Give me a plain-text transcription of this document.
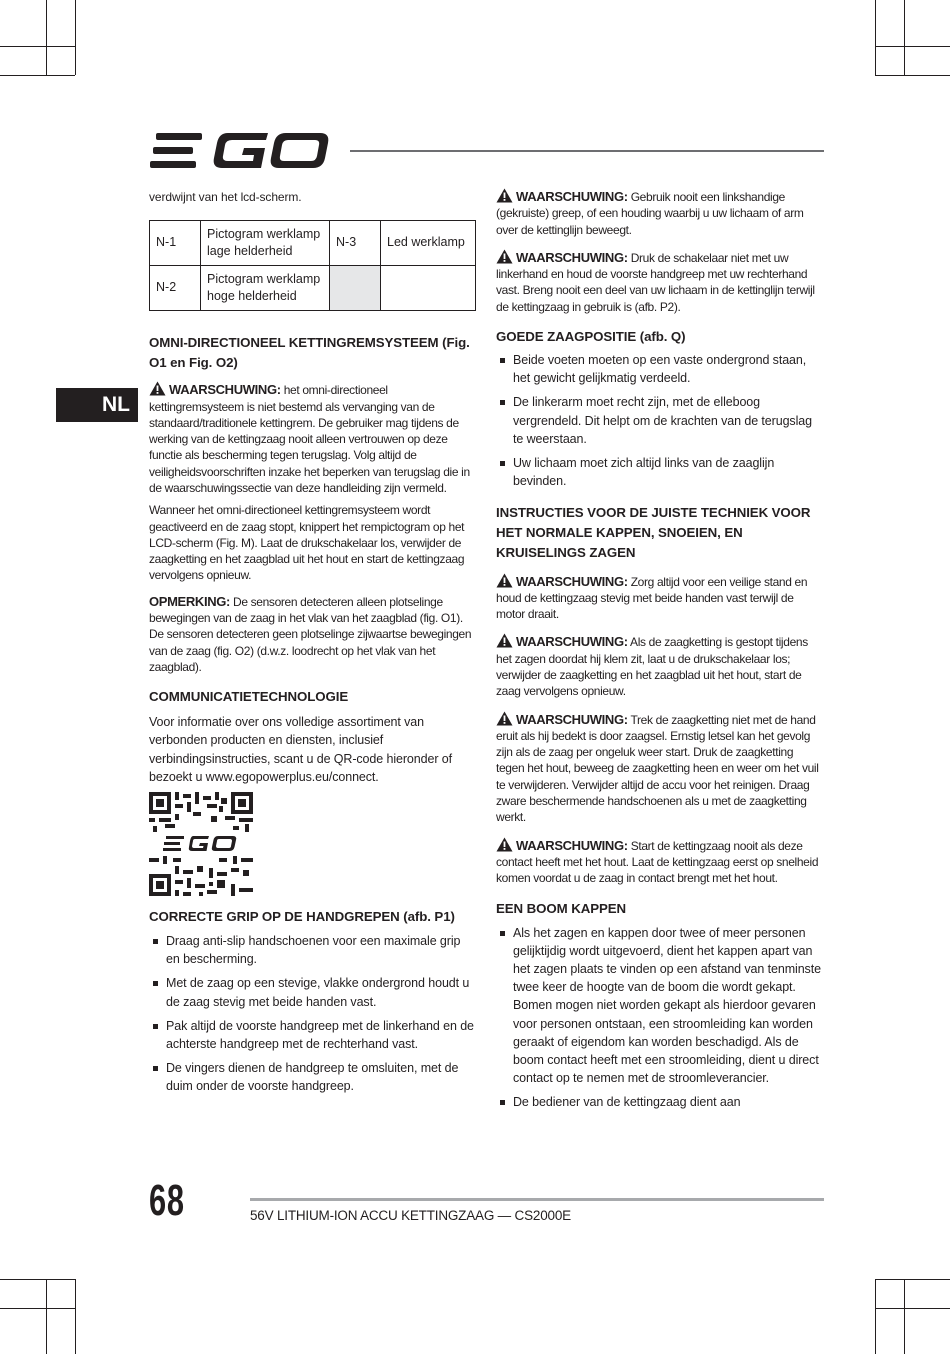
NL

verdwijnt van het lcd-scherm.

N-1	Pictogram werklamp lage helderheid	N-3	Led werklamp
N-2	Pictogram werklamp hoge helderheid		
OMNI-DIRECTIONEEL KETTINGREMSYSTEEM (Fig. O1 en Fig. O2)

WAARSCHUWING: het omni-directioneel kettingremsysteem is niet bestemd als vervanging van de standaard/traditionele kettingrem. De gebruiker mag tijdens de werking van de kettingzaag nooit alleen vertrouwen op deze functie als bescherming tegen terugslag. Volg altijd de veiligheidsvoorschriften inzake het beperken van terugslag die in de waarschuwingssectie van deze handleiding zijn vermeld.

Wanneer het omni-directioneel kettingremsysteem wordt geactiveerd en de zaag stopt, knippert het rempictogram op het LCD-scherm (Fig. M). Laat de drukschakelaar los, verwijder de zaagketting en het zaagblad uit het hout en start de kettingzaag vervolgens opnieuw.

OPMERKING: De sensoren detecteren alleen plotselinge bewegingen van de zaag in het vlak van het zaagblad (fig. O1). De sensoren detecteren geen plotselinge zijwaartse bewegingen van de zaag (fig. O2) (d.w.z. loodrecht op het vlak van het zaagblad).

COMMUNICATIETECHNOLOGIE

Voor informatie over ons volledige assortiment van verbonden producten en diensten, inclusief verbindingsinstructies, scant u de QR-code hieronder of bezoekt u www.egopowerplus.eu/connect.

CORRECTE GRIP OP DE HANDGREPEN (afb. P1)
Draag anti-slip handschoenen voor een maximale grip en bescherming.
Met de zaag op een stevige, vlakke ondergrond houdt u de zaag stevig met beide handen vast.
Pak altijd de voorste handgreep met de linkerhand en de achterste handgreep met de rechterhand vast.
De vingers dienen de handgreep te omsluiten, met de duim onder de voorste handgreep.

WAARSCHUWING: Gebruik nooit een linkshandige (gekruiste) greep, of een houding waarbij u uw lichaam of arm over de kettinglijn beweegt.

WAARSCHUWING: Druk de schakelaar niet met uw linkerhand en houd de voorste handgreep met uw rechterhand vast. Breng nooit een deel van uw lichaam in de kettinglijn terwijl de kettingzaag in gebruik is (afb. P2).

GOEDE ZAAGPOSITIE (afb. Q)
Beide voeten moeten op een vaste ondergrond staan, het gewicht gelijkmatig verdeeld.
De linkerarm moet recht zijn, met de elleboog vergrendeld. Dit helpt om de krachten van de terugslag te weerstaan.
Uw lichaam moet zich altijd links van de zaaglijn bevinden.
INSTRUCTIES VOOR DE JUISTE TECHNIEK VOOR HET NORMALE KAPPEN, SNOEIEN, EN KRUISELINGS ZAGEN

WAARSCHUWING: Zorg altijd voor een veilige stand en houd de kettingzaag stevig met beide handen vast terwijl de motor draait.

WAARSCHUWING: Als de zaagketting is gestopt tijdens het zagen doordat hij klem zit, laat u de drukschakelaar los; verwijder de zaagketting en het zaagblad uit het hout, start de zaag vervolgens opnieuw.

WAARSCHUWING: Trek de zaagketting niet met de hand eruit als hij bedekt is door zaagsel. Ernstig letsel kan het gevolg zijn als de zaag per ongeluk weer start. Druk de zaagketting tegen het hout, beweeg de zaagketting heen en weer om het vuil te verwijderen. Verwijder altijd de accu voor het reinigen. Draag zware beschermende handschoenen als u met de zaagketting werkt.

WAARSCHUWING: Start de kettingzaag nooit als deze contact heeft met het hout. Laat de kettingzaag eerst op snelheid komen voordat u de zaag in contact brengt met het hout.

EEN BOOM KAPPEN
Als het zagen en kappen door twee of meer personen gelijktijdig wordt uitgevoerd, dient het kappen apart van het zagen plaats te vinden op een afstand van tenminste twee keer de hoogte van de boom die wordt gekapt. Bomen mogen niet worden gekapt als hierdoor gevaren voor personen ontstaan, een stroomleiding kan worden geraakt of eigendom kan worden beschadigd. Als de boom contact heeft met een stroomleiding, dient u direct contact op te nemen met de stroomleverancier.
De bediener van de kettingzaag dient aan
68	56V LITHIUM-ION ACCU KETTINGZAAG — CS2000E
